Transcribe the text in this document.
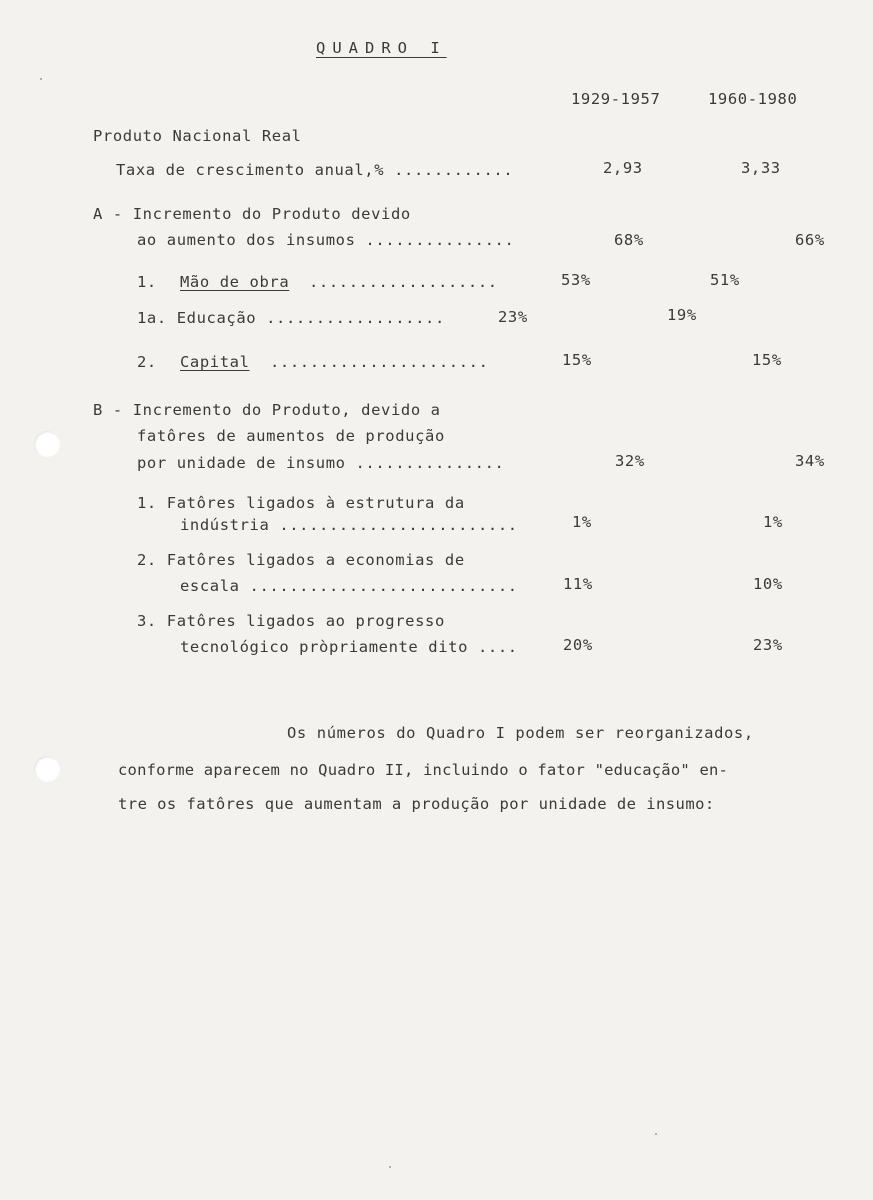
QUADRO I
1929-1957	1960-1980
Produto Nacional Real
Taxa de crescimento anual,% ............	2,93	3,33
A - Incremento do Produto devido
ao aumento dos insumos ...............	68%	66%
1. Mão de obra ...................	53%	51%
1a. Educação ..................	23%	19%
2. Capital ......................	15%	15%
B - Incremento do Produto, devido a
fatôres de aumentos de produção
por unidade de insumo ...............	32%	34%
1. Fatôres ligados à estrutura da
indústria ........................	1%	1%
2. Fatôres ligados a economias de
escala ...........................	11%	10%
3. Fatôres ligados ao progresso
tecnológico pròpriamente dito ....	20%	23%
Os números do Quadro I podem ser reorganizados,
conforme aparecem no Quadro II, incluindo o fator "educação" en-
tre os fatôres que aumentam a produção por unidade de insumo:
